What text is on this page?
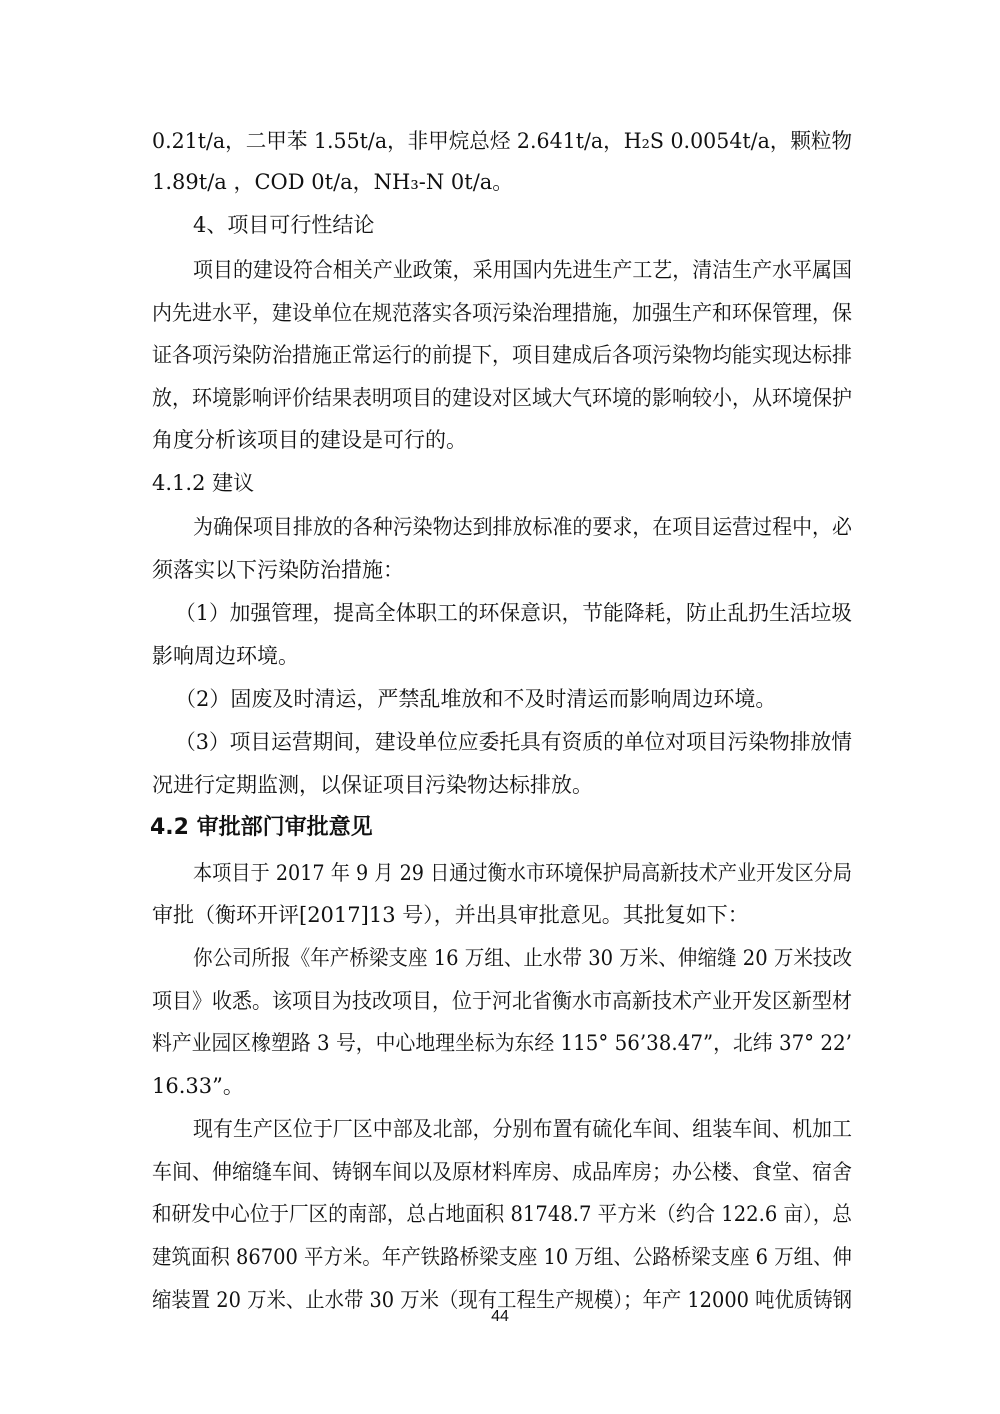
0.21t/a，二甲苯 1.55t/a，非甲烷总烃 2.641t/a，H₂S 0.0054t/a，颗粒物
1.89t/a ，COD 0t/a，NH₃-N 0t/a。
4、项目可行性结论
项目的建设符合相关产业政策，采用国内先进生产工艺，清洁生产水平属国
内先进水平，建设单位在规范落实各项污染治理措施，加强生产和环保管理，保
证各项污染防治措施正常运行的前提下，项目建成后各项污染物均能实现达标排
放，环境影响评价结果表明项目的建设对区域大气环境的影响较小，从环境保护
角度分析该项目的建设是可行的。
4.1.2 建议
为确保项目排放的各种污染物达到排放标准的要求，在项目运营过程中，必
须落实以下污染防治措施：
（1）加强管理，提高全体职工的环保意识，节能降耗，防止乱扔生活垃圾
影响周边环境。
（2）固废及时清运，严禁乱堆放和不及时清运而影响周边环境。
（3）项目运营期间，建设单位应委托具有资质的单位对项目污染物排放情
况进行定期监测，以保证项目污染物达标排放。
4.2 审批部门审批意见
本项目于 2017 年 9 月 29 日通过衡水市环境保护局高新技术产业开发区分局
审批（衡环开评[2017]13 号），并出具审批意见。其批复如下：
你公司所报《年产桥梁支座 16 万组、止水带 30 万米、伸缩缝 20 万米技改
项目》收悉。该项目为技改项目，位于河北省衡水市高新技术产业开发区新型材
料产业园区橡塑路 3 号，中心地理坐标为东经 115° 56’38.47”，北纬 37° 22’
16.33”。
现有生产区位于厂区中部及北部，分别布置有硫化车间、组装车间、机加工
车间、伸缩缝车间、铸钢车间以及原材料库房、成品库房；办公楼、食堂、宿舍
和研发中心位于厂区的南部，总占地面积 81748.7 平方米（约合 122.6 亩），总
建筑面积 86700 平方米。年产铁路桥梁支座 10 万组、公路桥梁支座 6 万组、伸
缩装置 20 万米、止水带 30 万米（现有工程生产规模）；年产 12000 吨优质铸钢
44
